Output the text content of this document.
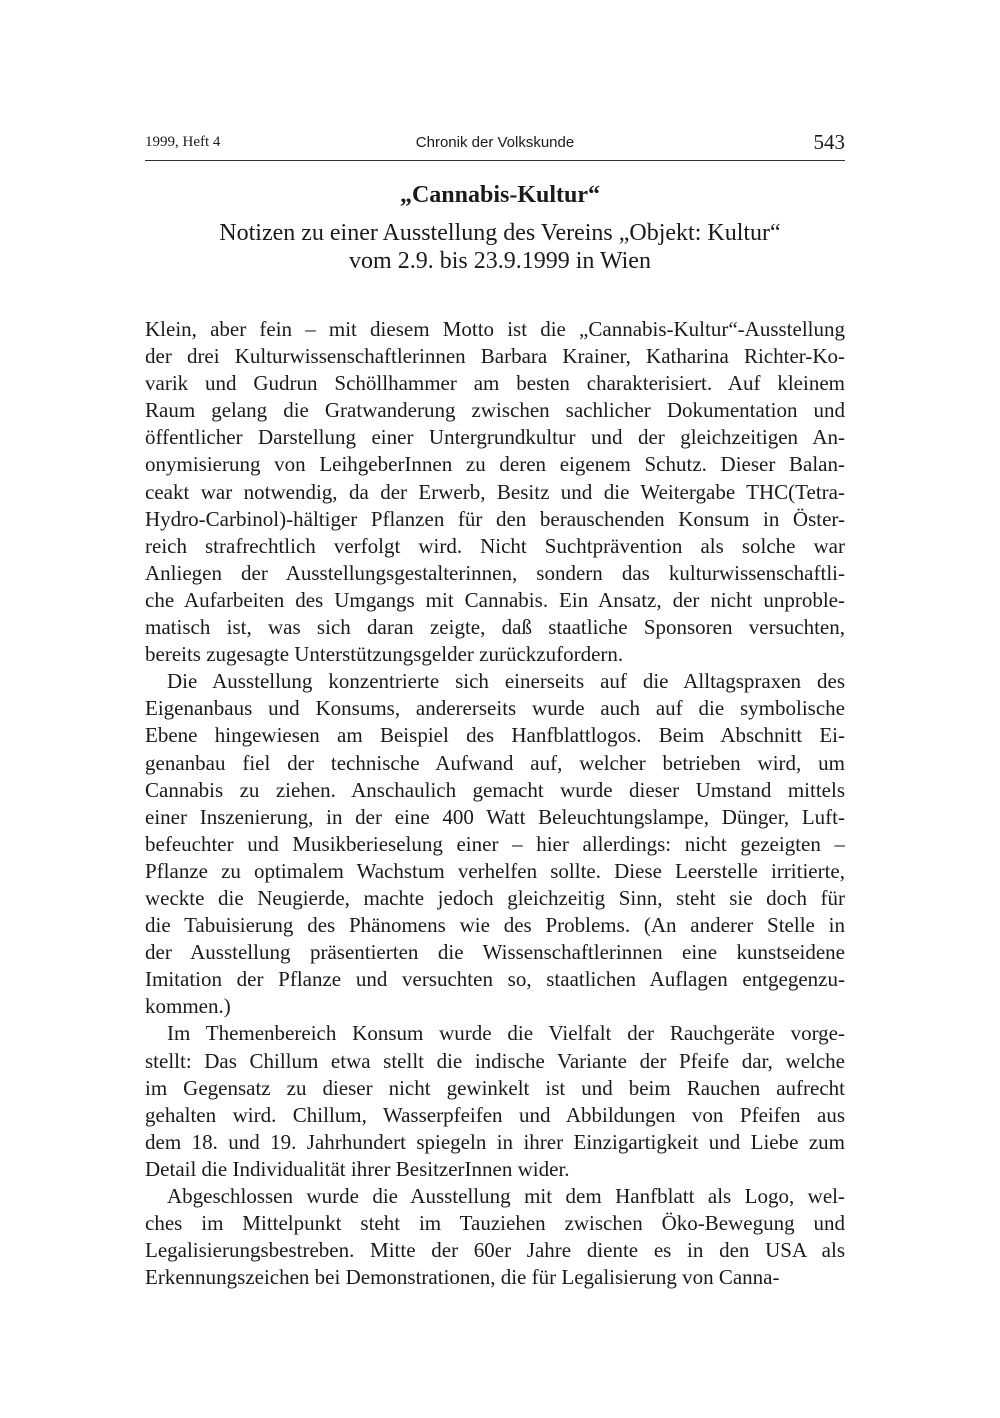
1999, Heft 4	Chronik der Volkskunde	543
„Cannabis-Kultur“
Notizen zu einer Ausstellung des Vereins „Objekt: Kultur“
vom 2.9. bis 23.9.1999 in Wien
Klein, aber fein – mit diesem Motto ist die „Cannabis-Kultur“-Ausstellung
der drei Kulturwissenschaftlerinnen Barbara Krainer, Katharina Richter-Ko-
varik und Gudrun Schöllhammer am besten charakterisiert. Auf kleinem
Raum gelang die Gratwanderung zwischen sachlicher Dokumentation und
öffentlicher Darstellung einer Untergrundkultur und der gleichzeitigen An-
onymisierung von LeihgeberInnen zu deren eigenem Schutz. Dieser Balan-
ceakt war notwendig, da der Erwerb, Besitz und die Weitergabe THC(Tetra-
Hydro-Carbinol)-hältiger Pflanzen für den berauschenden Konsum in Öster-
reich strafrechtlich verfolgt wird. Nicht Suchtprävention als solche war
Anliegen der Ausstellungsgestalterinnen, sondern das kulturwissenschaftli-
che Aufarbeiten des Umgangs mit Cannabis. Ein Ansatz, der nicht unproble-
matisch ist, was sich daran zeigte, daß staatliche Sponsoren versuchten,
bereits zugesagte Unterstützungsgelder zurückzufordern.
Die Ausstellung konzentrierte sich einerseits auf die Alltagspraxen des
Eigenanbaus und Konsums, andererseits wurde auch auf die symbolische
Ebene hingewiesen am Beispiel des Hanfblattlogos. Beim Abschnitt Ei-
genanbau fiel der technische Aufwand auf, welcher betrieben wird, um
Cannabis zu ziehen. Anschaulich gemacht wurde dieser Umstand mittels
einer Inszenierung, in der eine 400 Watt Beleuchtungslampe, Dünger, Luft-
befeuchter und Musikberieselung einer – hier allerdings: nicht gezeigten –
Pflanze zu optimalem Wachstum verhelfen sollte. Diese Leerstelle irritierte,
weckte die Neugierde, machte jedoch gleichzeitig Sinn, steht sie doch für
die Tabuisierung des Phänomens wie des Problems. (An anderer Stelle in
der Ausstellung präsentierten die Wissenschaftlerinnen eine kunstseidene
Imitation der Pflanze und versuchten so, staatlichen Auflagen entgegenzu-
kommen.)
Im Themenbereich Konsum wurde die Vielfalt der Rauchgeräte vorge-
stellt: Das Chillum etwa stellt die indische Variante der Pfeife dar, welche
im Gegensatz zu dieser nicht gewinkelt ist und beim Rauchen aufrecht
gehalten wird. Chillum, Wasserpfeifen und Abbildungen von Pfeifen aus
dem 18. und 19. Jahrhundert spiegeln in ihrer Einzigartigkeit und Liebe zum
Detail die Individualität ihrer BesitzerInnen wider.
Abgeschlossen wurde die Ausstellung mit dem Hanfblatt als Logo, wel-
ches im Mittelpunkt steht im Tauziehen zwischen Öko-Bewegung und
Legalisierungsbestreben. Mitte der 60er Jahre diente es in den USA als
Erkennungszeichen bei Demonstrationen, die für Legalisierung von Canna-
